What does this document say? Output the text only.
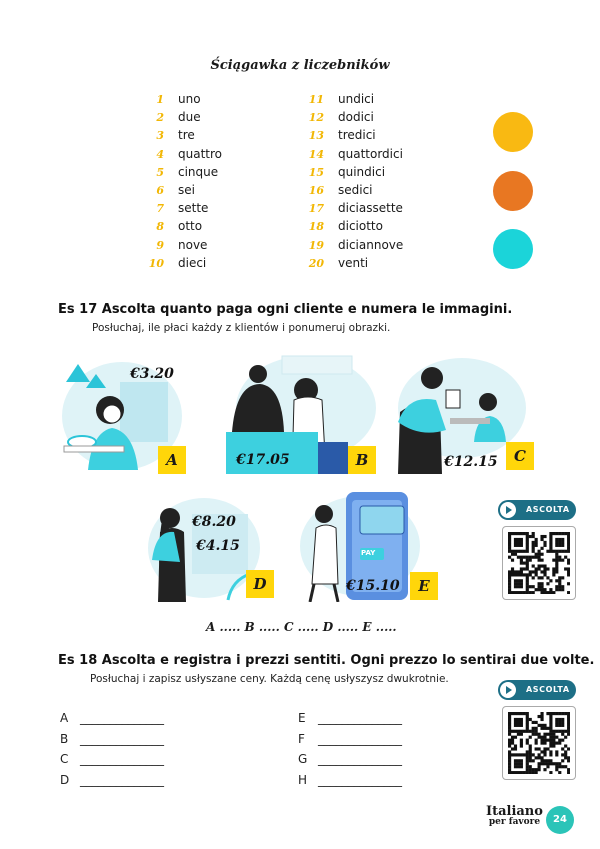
Ściągawka z liczebników
1 uno
2 due
3 tre
4 quattro
5 cinque
6 sei
7 sette
8 otto
9 nove
10 dieci
11 undici
12 dodici
13 tredici
14 quattordici
15 quindici
16 sedici
17 diciassette
18 diciotto
19 diciannove
20 venti
Es 17 Ascolta quanto paga ogni cliente e numera le immagini.
Posłuchaj, ile płaci każdy z klientów i ponumeruj obrazki.
€3.20
A	€17.05	B	€12.15	C
€8.20
€4.15
D
PAY
€15.10	E
ASCOLTA
A ..... B ..... C ..... D ..... E .....
Es 18 Ascolta e registra i prezzi sentiti. Ogni prezzo lo sentirai due volte.
Posłuchaj i zapisz usłyszane ceny. Każdą cenę usłyszysz dwukrotnie.
A ______________
B ______________
C ______________
D ______________
E ______________
F ______________
G ______________
H ______________
ASCOLTA
Italiano
per favore	24
